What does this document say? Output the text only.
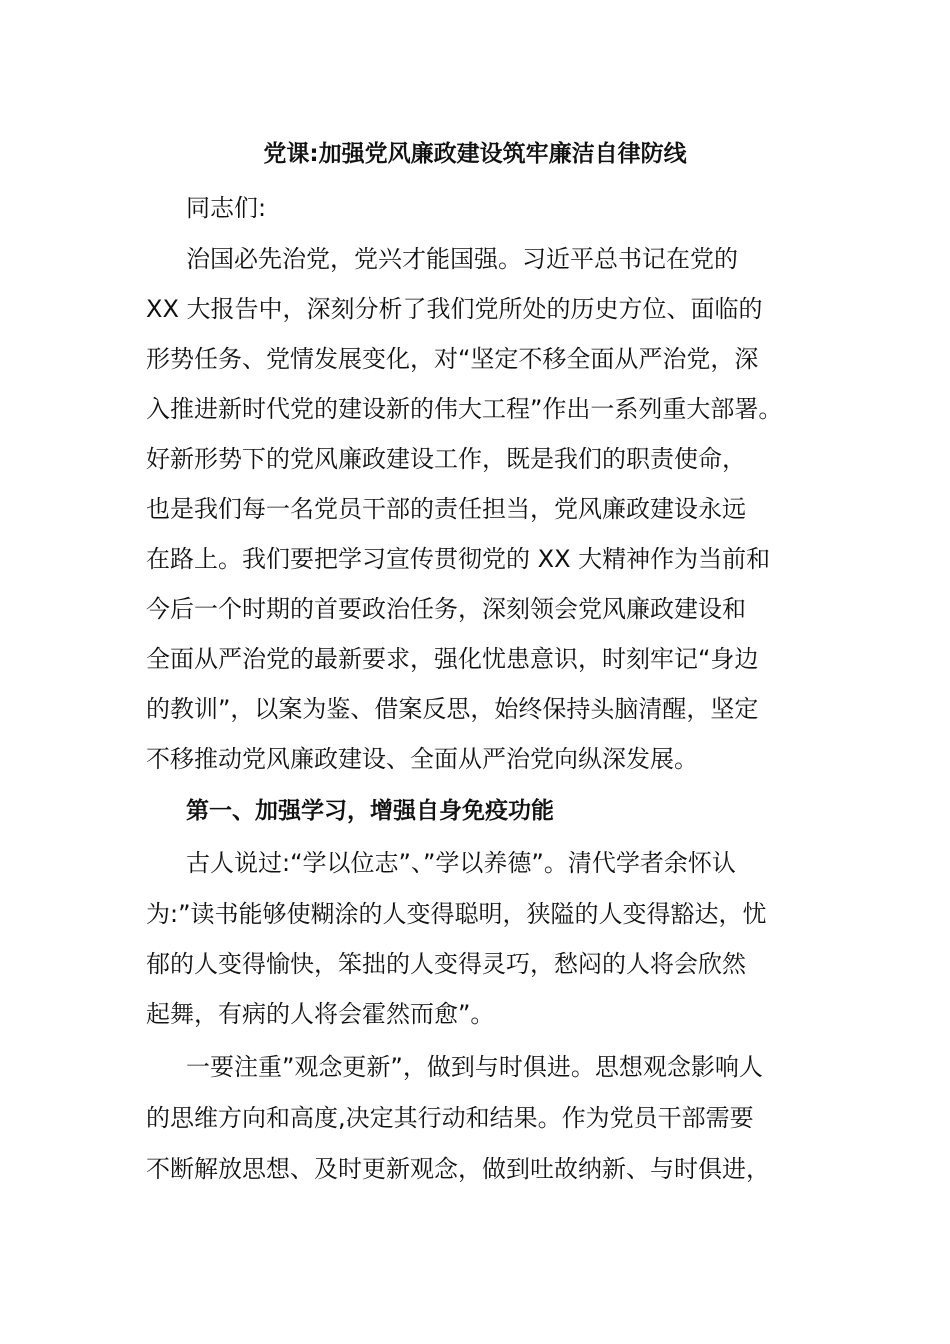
党课:加强党风廉政建设筑牢廉洁自律防线
同志们:
治国必先治党，党兴才能国强。习近平总书记在党的
XX 大报告中，深刻分析了我们党所处的历史方位、面临的
形势任务、党情发展变化，对“坚定不移全面从严治党，深
入推进新时代党的建设新的伟大工程”作出一系列重大部署。
好新形势下的党风廉政建设工作，既是我们的职责使命，
也是我们每一名党员干部的责任担当，党风廉政建设永远
在路上。我们要把学习宣传贯彻党的 XX 大精神作为当前和
今后一个时期的首要政治任务，深刻领会党风廉政建设和
全面从严治党的最新要求，强化忧患意识，时刻牢记“身边
的教训”，以案为鉴、借案反思，始终保持头脑清醒，坚定
不移推动党风廉政建设、全面从严治党向纵深发展。
第一、加强学习，增强自身免疫功能
古人说过:“学以位志”、”学以养德”。清代学者余怀认
为:”读书能够使糊涂的人变得聪明，狭隘的人变得豁达，忧
郁的人变得愉快，笨拙的人变得灵巧，愁闷的人将会欣然
起舞，有病的人将会霍然而愈”。
一要注重”观念更新”，做到与时俱进。思想观念影响人
的思维方向和高度,决定其行动和结果。作为党员干部需要
不断解放思想、及时更新观念，做到吐故纳新、与时俱进，
